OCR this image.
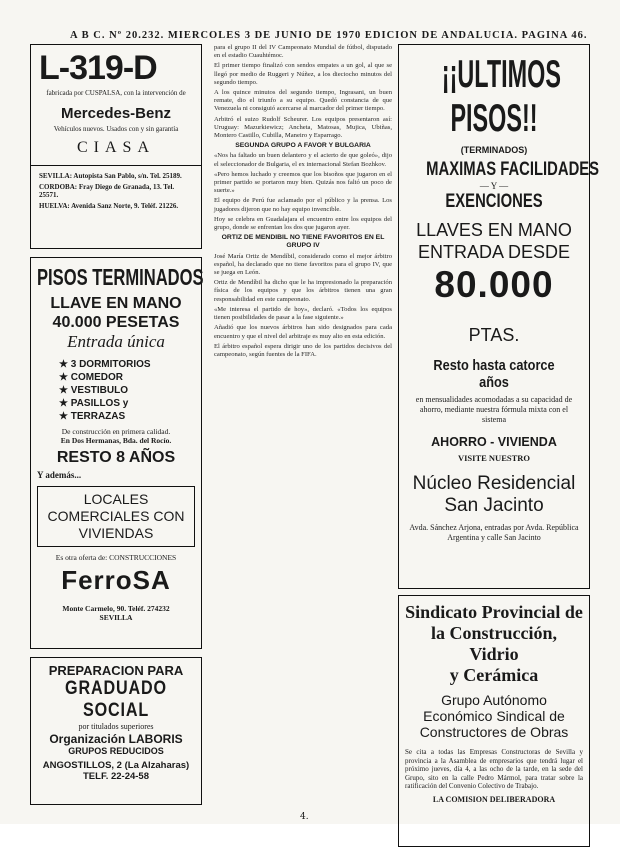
A B C. Nº 20.232. MIERCOLES 3 DE JUNIO DE 1970 EDICION DE ANDALUCIA. PAGINA 46.
L-319-D
fabricada por CUSPALSA, con la intervención de
Mercedes-Benz
Vehículos nuevos. Usados con y sin garantía
CIASA
SEVILLA: Autopista San Pablo, s/n. Tel. 25189.
CORDOBA: Fray Diego de Granada, 13. Tel. 25571.
HUELVA: Avenida Sanz Norte, 9. Teléf. 21226.
PISOS TERMINADOS
LLAVE EN MANO
40.000 PESETAS
Entrada única
★ 3 DORMITORIOS
★ COMEDOR
★ VESTIBULO
★ PASILLOS y
★ TERRAZAS
De construcción en primera calidad.
En Dos Hermanas, Bda. del Rocío.
RESTO 8 AÑOS
Y además...
LOCALES COMERCIALES CON VIVIENDAS
Es otra oferta de: CONSTRUCCIONES
FerroSA
Monte Carmelo, 90. Teléf. 274232
SEVILLA
PREPARACION PARA
GRADUADO SOCIAL
por titulados superiores
Organización LABORIS
GRUPOS REDUCIDOS
ANGOSTILLOS, 2 (La Alzaharas)
TELF. 22-24-58

para el grupo II del IV Campeonato Mundial de fútbol, disputado en el estadio Cuauhtémoc.

El primer tiempo finalizó con sendos empates a un gol, al que se llegó por medio de Ruggeri y Núñez, a los dieciocho minutos del segundo tiempo.

A los quince minutos del segundo tiempo, Ingrasani, un buen remate, dio el triunfo a su equipo. Quedó constancia de que Venezuela ni consiguió acercarse al marcador del primer tiempo.

Arbitró el suizo Rudolf Scheurer. Los equipos presentaron así: Uruguay: Mazurkiewicz; Ancheta, Matosas, Mujica, Ubiñas, Montero Castillo, Cubilla, Maneiro y Esparrago.

SEGUNDA GRUPO A FAVOR Y BULGARIA

«Nos ha faltado un buen delantero y el acierto de que goleó», dijo el seleccionador de Bulgaria, el ex internacional Stefan Bozhkov.

«Pero hemos luchado y creemos que los bisoños que jugaron en el primer partido se portaron muy bien. Quizás nos faltó un poco de suerte.»

El equipo de Perú fue aclamado por el público y la prensa. Los jugadores dijeron que no hay equipo invencible.

Hoy se celebra en Guadalajara el encuentro entre los equipos del grupo, donde se enfrentan los dos que jugaron ayer.

ORTIZ DE MENDIBIL NO TIENE FAVORITOS EN EL GRUPO IV

José María Ortiz de Mendíbil, considerado como el mejor árbitro español, ha declarado que no tiene favoritos para el grupo IV, que se juega en León.

Ortiz de Mendíbil ha dicho que le ha impresionado la preparación física de los equipos y que los árbitros tienen una gran responsabilidad en este campeonato.

«Me interesa el partido de hoy», declaró. «Todos los equipos tienen posibilidades de pasar a la fase siguiente.»

Añadió que los nuevos árbitros han sido designados para cada encuentro y que el nivel del arbitraje es muy alto en esta edición.

El árbitro español espera dirigir uno de los partidos decisivos del campeonato, según fuentes de la FIFA.

¡¡ULTIMOS
PISOS!!
(TERMINADOS)
MAXIMAS FACILIDADES
— Y —
EXENCIONES
LLAVES EN MANO
ENTRADA DESDE
80.000 PTAS.
Resto hasta catorce años
en mensualidades acomodadas a su capacidad de ahorro, mediante nuestra fórmula mixta con el sistema
AHORRO - VIVIENDA
VISITE NUESTRO
Núcleo Residencial
San Jacinto
Avda. Sánchez Arjona, entradas por Avda. República Argentina y calle San Jacinto
Sindicato Provincial de
la Construcción, Vidrio
y Cerámica
Grupo Autónomo Económico Sindical de Constructores de Obras
Se cita a todas las Empresas Constructoras de Sevilla y provincia a la Asamblea de empresarios que tendrá lugar el próximo jueves, día 4, a las ocho de la tarde, en la sede del Grupo, sito en la calle Pedro Mármol, para tratar sobre la ratificación del Convenio Colectivo de Trabajo.
LA COMISION DELIBERADORA
4.
